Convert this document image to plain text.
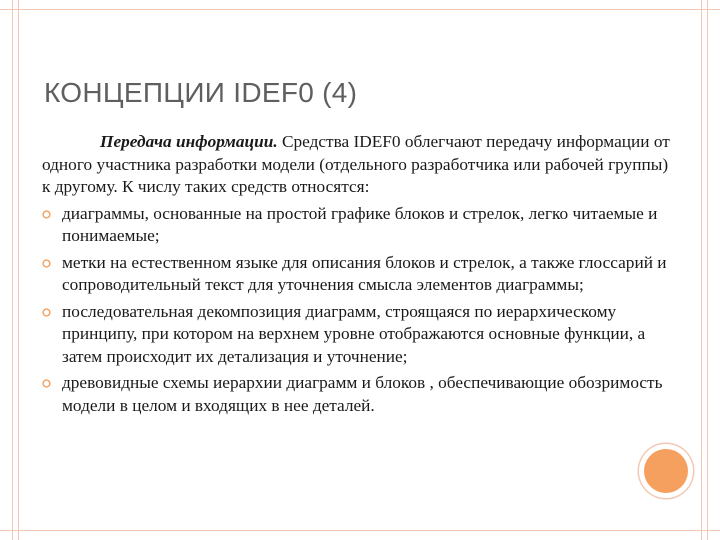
КОНЦЕПЦИИ IDEF0 (4)

Передача информации. Средства IDEF0 облегчают передачу информации от одного участника разработки модели (отдельного разработчика или рабочей группы) к другому. К числу таких средств относятся:

диаграммы, основанные на простой графике блоков и стрелок, легко читаемые и понимаемые;
метки на естественном языке для описания блоков и стрелок, а также глоссарий и сопроводительный текст для уточнения смысла элементов диаграммы;
последовательная декомпозиция диаграмм, строящаяся по иерархическому принципу, при котором на верхнем уровне отображаются основные функции, а затем происходит их детализация и уточнение;
древовидные схемы иерархии диаграмм и блоков , обеспечивающие обозримость модели в целом и входящих в нее деталей.
